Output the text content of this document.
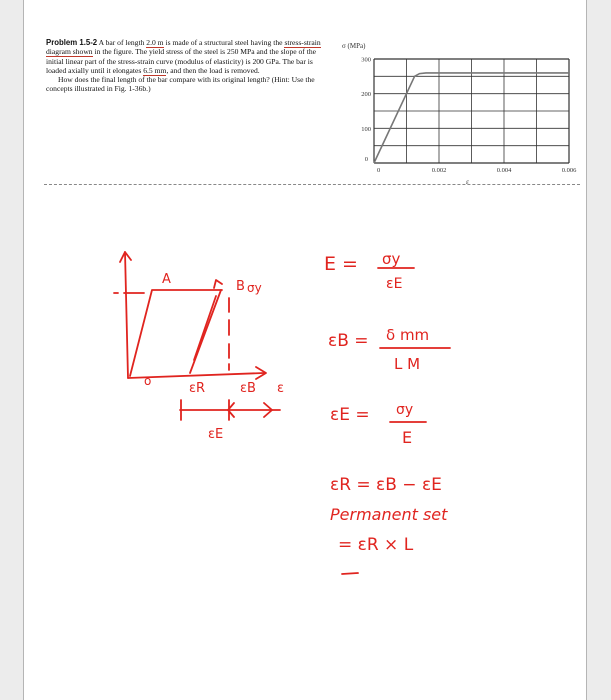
Problem 1.5-2 A bar of length 2.0 m is made of a structural steel having the stress-strain diagram shown in the figure. The yield stress of the steel is 250 MPa and the slope of the initial linear part of the stress-strain curve (modulus of elasticity) is 200 GPa. The bar is loaded axially until it elongates 6.5 mm, and then the load is removed.
How does the final length of the bar compare with its original length? (Hint: Use the concepts illustrated in Fig. 1-36b.)
σ (MPa)
300
200
100
0
0	0.002	0.004	0.006
ε
A	B σy
o	εR	εB ε
εE
E = σy
εE
εB = δ mm
L M
εE = σy
E
εR = εB − εE
Permanent set
= εR × L
